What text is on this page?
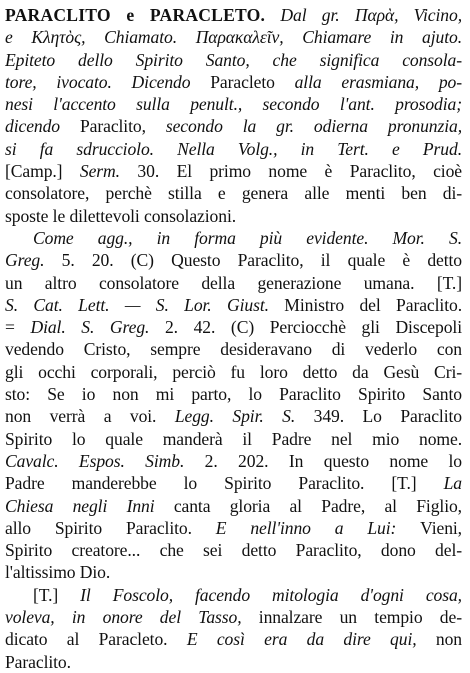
PARACLITO e PARACLETO. Dal gr. Παρὰ, Vicino,
e Κλητὸς, Chiamato. Παρακαλεῖν, Chiamare in ajuto.
Epiteto dello Spirito Santo, che significa consola-
tore, ivocato. Dicendo Paracleto alla erasmiana, po-
nesi l'accento sulla penult., secondo l'ant. prosodia;
dicendo Paraclito, secondo la gr. odierna pronunzia,
si fa sdrucciolo. Nella Volg., in Tert. e Prud.
[Camp.] Serm. 30. El primo nome è Paraclito, cioè
consolatore, perchè stilla e genera alle menti ben di-
sposte le dilettevoli consolazioni.
Come agg., in forma più evidente. Mor. S.
Greg. 5. 20. (C) Questo Paraclito, il quale è detto
un altro consolatore della generazione umana. [T.]
S. Cat. Lett. — S. Lor. Giust. Ministro del Paraclito.
= Dial. S. Greg. 2. 42. (C) Perciocchè gli Discepoli
vedendo Cristo, sempre desideravano di vederlo con
gli occhi corporali, perciò fu loro detto da Gesù Cri-
sto: Se io non mi parto, lo Paraclito Spirito Santo
non verrà a voi. Legg. Spir. S. 349. Lo Paraclito
Spirito lo quale manderà il Padre nel mio nome.
Cavalc. Espos. Simb. 2. 202. In questo nome lo
Padre manderebbe lo Spirito Paraclito. [T.] La
Chiesa negli Inni canta gloria al Padre, al Figlio,
allo Spirito Paraclito. E nell'inno a Lui: Vieni,
Spirito creatore... che sei detto Paraclito, dono del-
l'altissimo Dio.
[T.] Il Foscolo, facendo mitologia d'ogni cosa,
voleva, in onore del Tasso, innalzare un tempio de-
dicato al Paracleto. E così era da dire qui, non
Paraclito.
